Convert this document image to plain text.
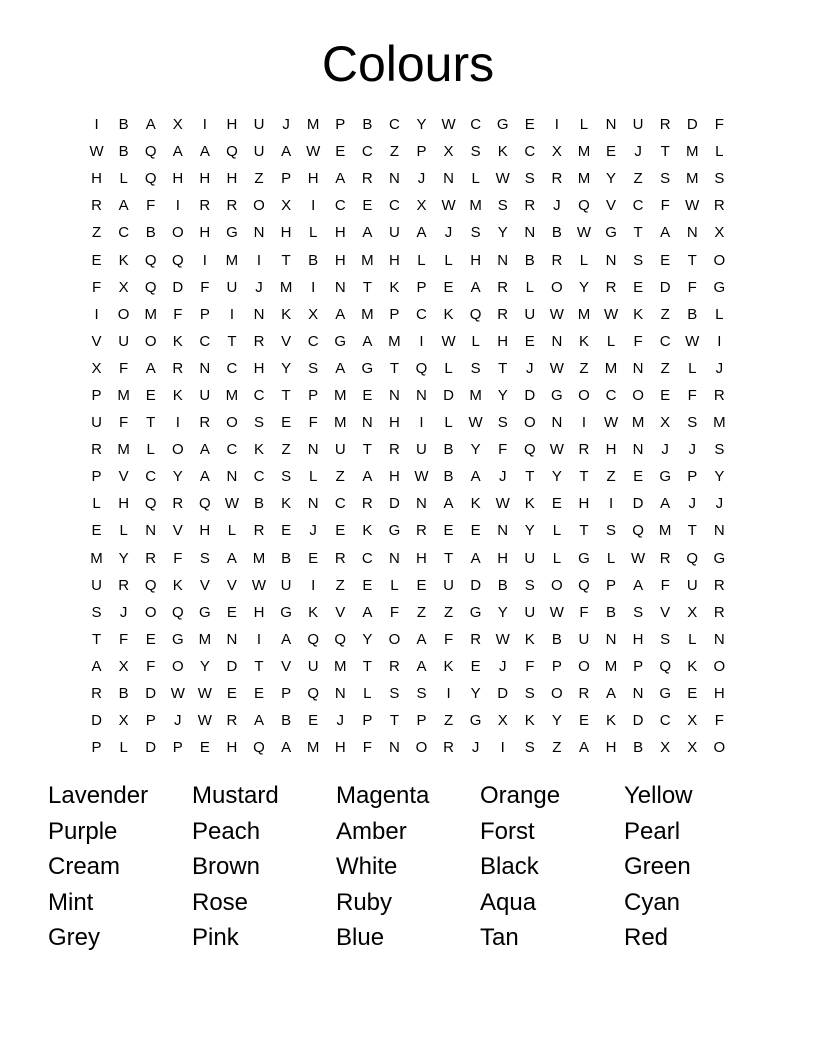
Colours
I	B	A	X	I	H	U	J	M	P	B	C	Y W C	G	E	I	L	N	U	R	D	F
W B	Q	A	A	Q	U	A W E	C	Z	P	X	S	K	C	X	M	E	J	T	M	L
H	L	Q	H	H	H	Z	P	H	A	R	N	J	N	L	W S	R	M	Y	Z	S	M	S
R	A	F	I	R	R	O	X	I	C	E	C	X W M	S	R	J	Q	V	C	F	W R
Z	C	B	O	H	G	N	H	L	H	A	U	A	J	S	Y	N	B W G	T	A	N	X
E	K	Q	Q	I	M	I	T	B	H	M	H	L	L	H	N	B	R	L	N	S	E	T	O
F	X	Q	D	F	U	J	M	I	N	T	K	P	E	A	R	L	O	Y	R	E	D	F	G
I	O M	F	P	I	N	K	X	A	M	P	C	K	Q	R	U W M W K	Z	B	L
V	U	O	K	C	T	R	V	C	G	A	M	I	W	L	H	E	N	K	L	F	C W	I
X	F	A	R	N	C	H	Y	S	A	G	T	Q	L	S	T	J	W	Z	M	N	Z	L	J
P	M	E	K	U	M	C	T	P	M	E	N	N	D	M	Y	D	G	O	C	O	E	F	R
U	F	T	I	R	O	S	E	F	M	N	H	I	L	W S	O	N	I	W M	X	S	M
R	M	L	O	A	C	K	Z	N	U	T	R	U	B	Y	F	Q W R	H	N	J	J	S
P	V	C	Y	A	N	C	S	L	Z	A	H W B	A	J	T	Y	T	Z	E	G	P	Y
L	H	Q	R	Q W B	K	N	C	R	D	N	A	K W K	E	H	I	D	A	J	J
E	L	N	V	H	L	R	E	J	E	K	G	R	E	E	N	Y	L	T	S	Q M	T	N
M	Y	R	F	S	A	M	B	E	R	C	N	H	T	A	H	U	L	G	L	W R	Q	G
U	R	Q	K	V	V W U	I	Z	E	L	E	U	D	B	S	O	Q	P	A	F	U	R
S	J	O	Q	G	E	H	G	K	V	A	F	Z	Z	G	Y	U W	F	B	S	V	X	R
T	F	E	G M	N	I	A	Q	Q	Y	O	A	F	R W K	B	U	N	H	S	L	N
A	X	F	O	Y	D	T	V	U	M	T	R	A	K	E	J	F	P	O M	P	Q	K	O
R	B	D W W E	E	P	Q	N	L	S	S	I	Y	D	S	O	R	A	N	G	E	H
D	X	P	J	W R	A	B	E	J	P	T	P	Z	G	X	K	Y	E	K	D	C	X	F
P	L	D	P	E	H	Q	A	M	H	F	N	O	R	J	I	S	Z	A	H	B	X	X	O
Lavender	Mustard	Magenta	Orange	Yellow
Purple	Peach	Amber	Forst	Pearl
Cream	Brown	White	Black	Green
Mint	Rose	Ruby	Aqua	Cyan
Grey	Pink	Blue	Tan	Red
